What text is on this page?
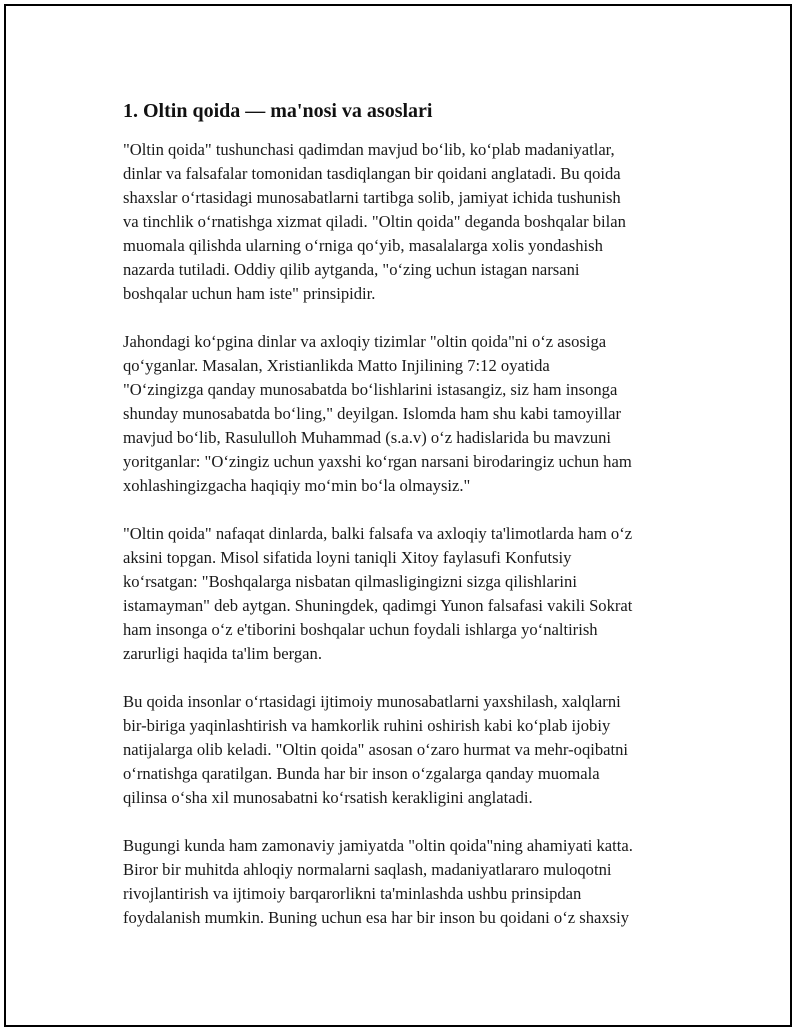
1. Oltin qoida — ma'nosi va asoslari

"Oltin qoida" tushunchasi qadimdan mavjud bo‘lib, ko‘plab madaniyatlar,
dinlar va falsafalar tomonidan tasdiqlangan bir qoidani anglatadi. Bu qoida
shaxslar o‘rtasidagi munosabatlarni tartibga solib, jamiyat ichida tushunish
va tinchlik o‘rnatishga xizmat qiladi. "Oltin qoida" deganda boshqalar bilan
muomala qilishda ularning o‘rniga qo‘yib, masalalarga xolis yondashish
nazarda tutiladi. Oddiy qilib aytganda, "o‘zing uchun istagan narsani
boshqalar uchun ham iste" prinsipidir.

Jahondagi ko‘pgina dinlar va axloqiy tizimlar "oltin qoida"ni o‘z asosiga
qo‘yganlar. Masalan, Xristianlikda Matto Injilining 7:12 oyatida
"O‘zingizga qanday munosabatda bo‘lishlarini istasangiz, siz ham insonga
shunday munosabatda bo‘ling," deyilgan. Islomda ham shu kabi tamoyillar
mavjud bo‘lib, Rasululloh Muhammad (s.a.v) o‘z hadislarida bu mavzuni
yoritganlar: "O‘zingiz uchun yaxshi ko‘rgan narsani birodaringiz uchun ham
xohlashingizgacha haqiqiy mo‘min bo‘la olmaysiz."

"Oltin qoida" nafaqat dinlarda, balki falsafa va axloqiy ta'limotlarda ham o‘z
aksini topgan. Misol sifatida loyni taniqli Xitoy faylasufi Konfutsiy
ko‘rsatgan: "Boshqalarga nisbatan qilmasligingizni sizga qilishlarini
istamayman" deb aytgan. Shuningdek, qadimgi Yunon falsafasi vakili Sokrat
ham insonga o‘z e'tiborini boshqalar uchun foydali ishlarga yo‘naltirish
zarurligi haqida ta'lim bergan.

Bu qoida insonlar o‘rtasidagi ijtimoiy munosabatlarni yaxshilash, xalqlarni
bir-biriga yaqinlashtirish va hamkorlik ruhini oshirish kabi ko‘plab ijobiy
natijalarga olib keladi. "Oltin qoida" asosan o‘zaro hurmat va mehr-oqibatni
o‘rnatishga qaratilgan. Bunda har bir inson o‘zgalarga qanday muomala
qilinsa o‘sha xil munosabatni ko‘rsatish kerakligini anglatadi.

Bugungi kunda ham zamonaviy jamiyatda "oltin qoida"ning ahamiyati katta.
Biror bir muhitda ahloqiy normalarni saqlash, madaniyatlararo muloqotni
rivojlantirish va ijtimoiy barqarorlikni ta'minlashda ushbu prinsipdan
foydalanish mumkin. Buning uchun esa har bir inson bu qoidani o‘z shaxsiy
